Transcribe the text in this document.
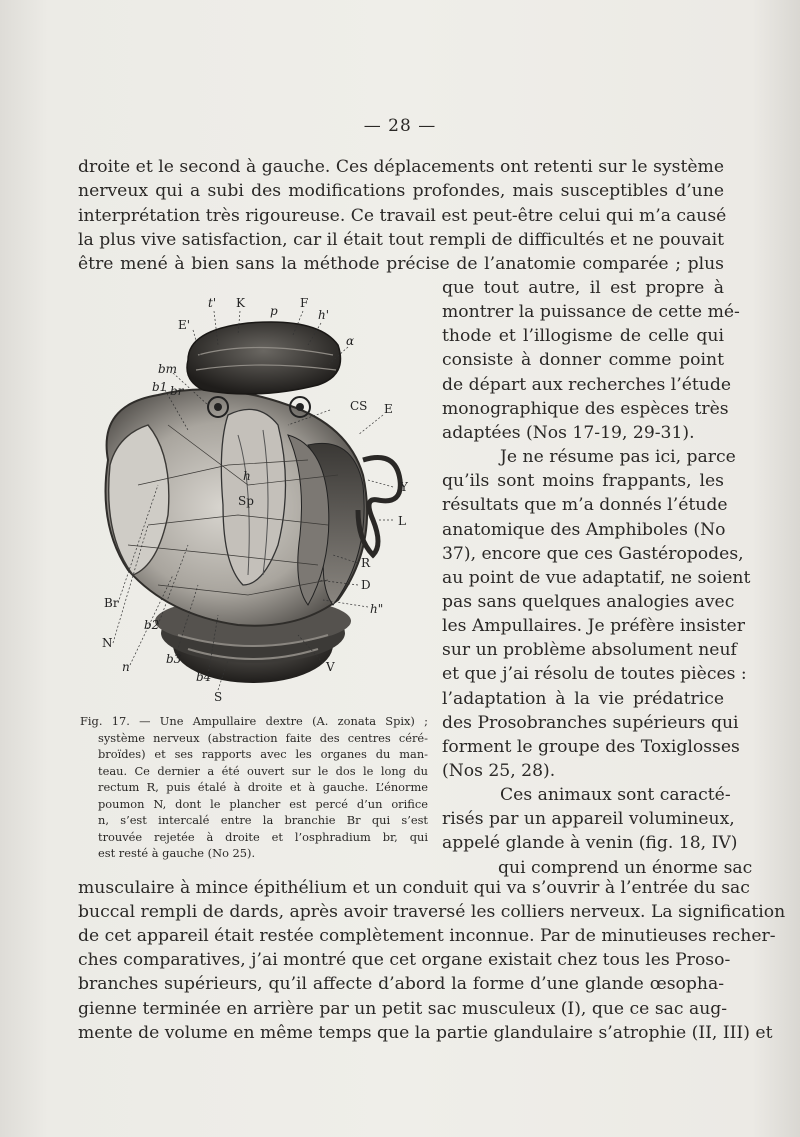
— 28 —
droite et le second à gauche. Ces déplacements ont retenti sur le système
nerveux qui a subi des modifications profondes, mais susceptibles d’une
interprétation très rigoureuse. Ce travail est peut-être celui qui m’a causé
la plus vive satisfaction, car il était tout rempli de difficultés et ne pouvait
être mené à bien sans la méthode précise de l’anatomie comparée ; plus
t' K
p
F
h'
E'
α
bm
b1 br
CS E
h
Sp
Y
L
R
D
h"
Br
b2
N
n
b3
b4
V
S
que tout autre, il est propre à
montrer la puissance de cette mé-
thode et l’illogisme de celle qui
consiste à donner comme point
de départ aux recherches l’étude
monographique des espèces très
adaptées (Nos 17-19, 29-31).
Je ne résume pas ici, parce
qu’ils sont moins frappants, les
résultats que m’a donnés l’étude
anatomique des Amphiboles (No
37), encore que ces Gastéropodes,
au point de vue adaptatif, ne soient
pas sans quelques analogies avec
les Ampullaires. Je préfère insister
sur un problème absolument neuf
et que j’ai résolu de toutes pièces :
l’adaptation à la vie prédatrice
des Prosobranches supérieurs qui
forment le groupe des Toxiglosses
(Nos 25, 28).
Ces animaux sont caracté-
risés par un appareil volumineux,
appelé glande à venin (fig. 18, IV)
qui comprend un énorme sac
Fig. 17. — Une Ampullaire dextre (A. zonata Spix) ;
système nerveux (abstraction faite des centres céré-
broïdes) et ses rapports avec les organes du man-
teau. Ce dernier a été ouvert sur le dos le long du
rectum R, puis étalé à droite et à gauche. L’énorme
poumon N, dont le plancher est percé d’un orifice
n, s’est intercalé entre la branchie Br qui s’est
trouvée rejetée à droite et l’osphradium br, qui
est resté à gauche (No 25).
musculaire à mince épithélium et un conduit qui va s’ouvrir à l’entrée du sac
buccal rempli de dards, après avoir traversé les colliers nerveux. La signification
de cet appareil était restée complètement inconnue. Par de minutieuses recher-
ches comparatives, j’ai montré que cet organe existait chez tous les Proso-
branches supérieurs, qu’il affecte d’abord la forme d’une glande œsopha-
gienne terminée en arrière par un petit sac musculeux (I), que ce sac aug-
mente de volume en même temps que la partie glandulaire s’atrophie (II, III) et
